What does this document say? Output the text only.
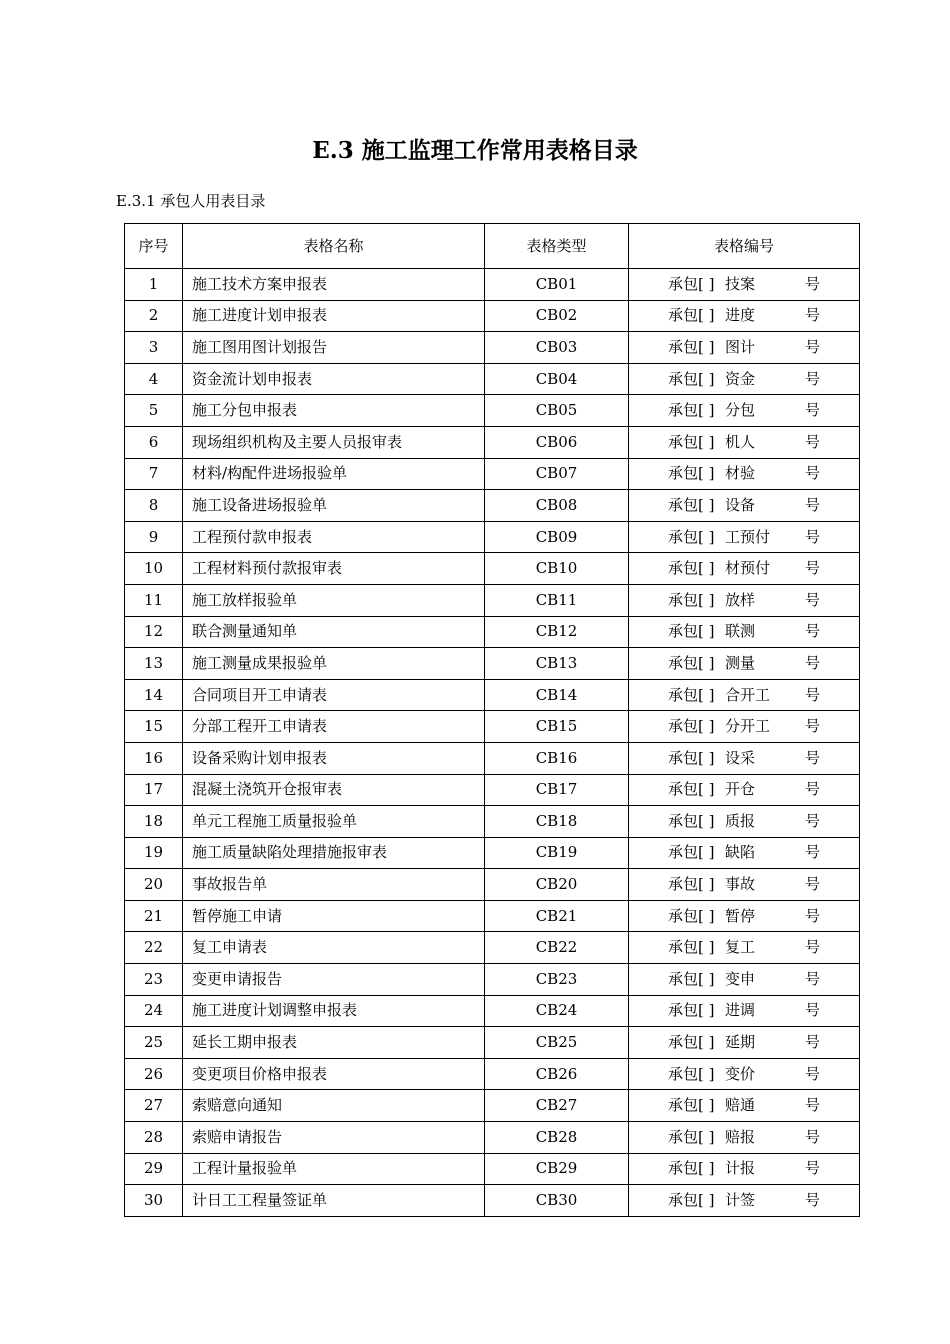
E.3 施工监理工作常用表格目录
E.3.1 承包人用表目录
序号	表格名称	表格类型	表格编号
1	施工技术方案申报表	CB01	承包[ ] 技案 号

2	施工进度计划申报表	CB02	承包[ ] 进度 号

3	施工图用图计划报告	CB03	承包[ ] 图计 号

4	资金流计划申报表	CB04	承包[ ] 资金 号

5	施工分包申报表	CB05	承包[ ] 分包 号

6	现场组织机构及主要人员报审表	CB06	承包[ ] 机人 号

7	材料/构配件进场报验单	CB07	承包[ ] 材验 号

8	施工设备进场报验单	CB08	承包[ ] 设备 号

9	工程预付款申报表	CB09	承包[ ] 工预付 号

10	工程材料预付款报审表	CB10	承包[ ] 材预付 号

11	施工放样报验单	CB11	承包[ ] 放样 号

12	联合测量通知单	CB12	承包[ ] 联测 号

13	施工测量成果报验单	CB13	承包[ ] 测量 号

14	合同项目开工申请表	CB14	承包[ ] 合开工 号

15	分部工程开工申请表	CB15	承包[ ] 分开工 号

16	设备采购计划申报表	CB16	承包[ ] 设采 号

17	混凝土浇筑开仓报审表	CB17	承包[ ] 开仓 号

18	单元工程施工质量报验单	CB18	承包[ ] 质报 号

19	施工质量缺陷处理措施报审表	CB19	承包[ ] 缺陷 号

20	事故报告单	CB20	承包[ ] 事故 号

21	暂停施工申请	CB21	承包[ ] 暂停 号

22	复工申请表	CB22	承包[ ] 复工 号

23	变更申请报告	CB23	承包[ ] 变申 号

24	施工进度计划调整申报表	CB24	承包[ ] 进调 号

25	延长工期申报表	CB25	承包[ ] 延期 号

26	变更项目价格申报表	CB26	承包[ ] 变价 号

27	索赔意向通知	CB27	承包[ ] 赔通 号

28	索赔申请报告	CB28	承包[ ] 赔报 号

29	工程计量报验单	CB29	承包[ ] 计报 号

30	计日工工程量签证单	CB30	承包[ ] 计签 号
